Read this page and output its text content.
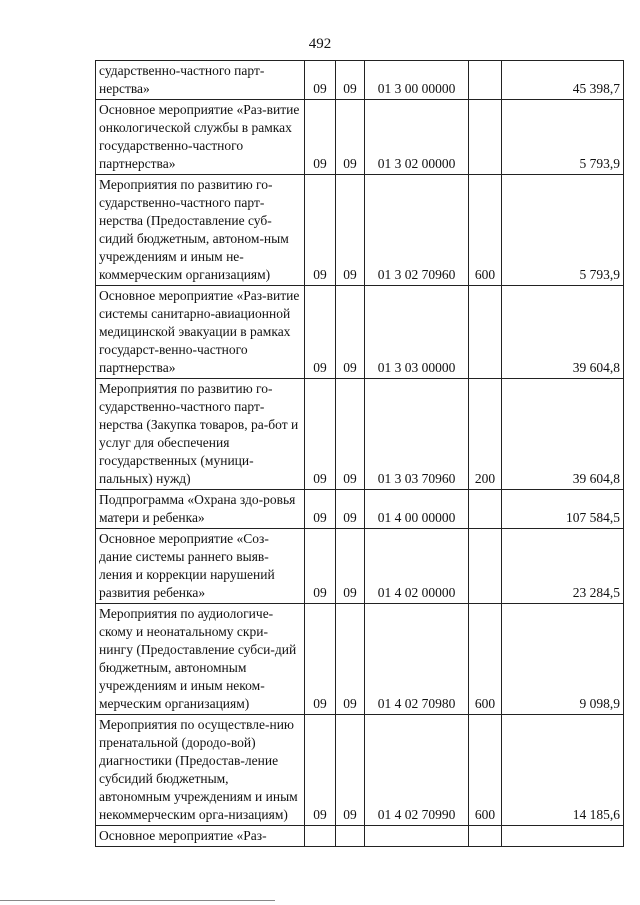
492
сударственно-частного парт-нерства»	09	09	01 3 00 00000		45 398,7
Основное мероприятие «Раз-витие онкологической службы в рамках государственно-частного партнерства»	09	09	01 3 02 00000		5 793,9
Мероприятия по развитию го-сударственно-частного парт-нерства (Предоставление суб-сидий бюджетным, автоном-ным учреждениям и иным не-коммерческим организациям)	09	09	01 3 02 70960	600	5 793,9
Основное мероприятие «Раз-витие системы санитарно-авиационной медицинской эвакуации в рамках государст-венно-частного партнерства»	09	09	01 3 03 00000		39 604,8
Мероприятия по развитию го-сударственно-частного парт-нерства (Закупка товаров, ра-бот и услуг для обеспечения государственных (муници-пальных) нужд)	09	09	01 3 03 70960	200	39 604,8
Подпрограмма «Охрана здо-ровья матери и ребенка»	09	09	01 4 00 00000		107 584,5
Основное мероприятие «Соз-дание системы раннего выяв-ления и коррекции нарушений развития ребенка»	09	09	01 4 02 00000		23 284,5
Мероприятия по аудиологиче-скому и неонатальному скри-нингу (Предоставление субси-дий бюджетным, автономным учреждениям и иным неком-мерческим организациям)	09	09	01 4 02 70980	600	9 098,9
Мероприятия по осуществле-нию пренатальной (дородо-вой) диагностики (Предостав-ление субсидий бюджетным, автономным учреждениям и иным некоммерческим орга-низациям)	09	09	01 4 02 70990	600	14 185,6
Основное мероприятие «Раз-					
